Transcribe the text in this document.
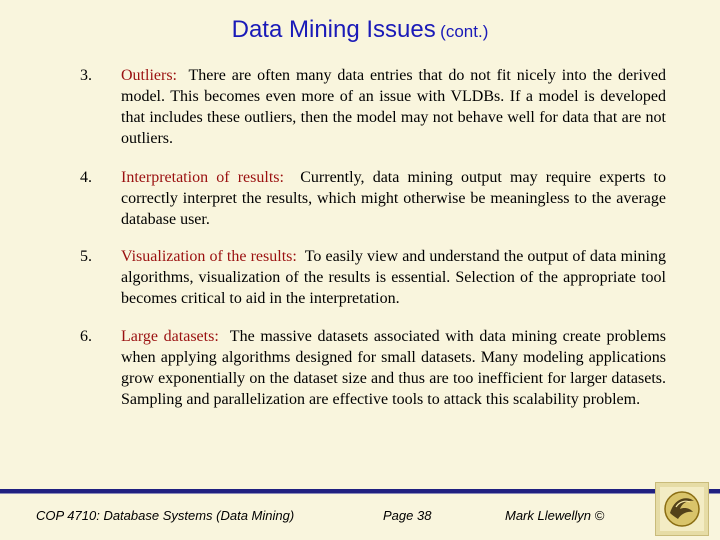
Data Mining Issues (cont.)
3. Outliers: There are often many data entries that do not fit nicely into the derived model. This becomes even more of an issue with VLDBs. If a model is developed that includes these outliers, then the model may not behave well for data that are not outliers.
4. Interpretation of results: Currently, data mining output may require experts to correctly interpret the results, which might otherwise be meaningless to the average database user.
5. Visualization of the results: To easily view and understand the output of data mining algorithms, visualization of the results is essential. Selection of the appropriate tool becomes critical to aid in the interpretation.
6. Large datasets: The massive datasets associated with data mining create problems when applying algorithms designed for small datasets. Many modeling applications grow exponentially on the dataset size and thus are too inefficient for larger datasets. Sampling and parallelization are effective tools to attack this scalability problem.
COP 4710: Database Systems (Data Mining)	Page 38	Mark Llewellyn ©
